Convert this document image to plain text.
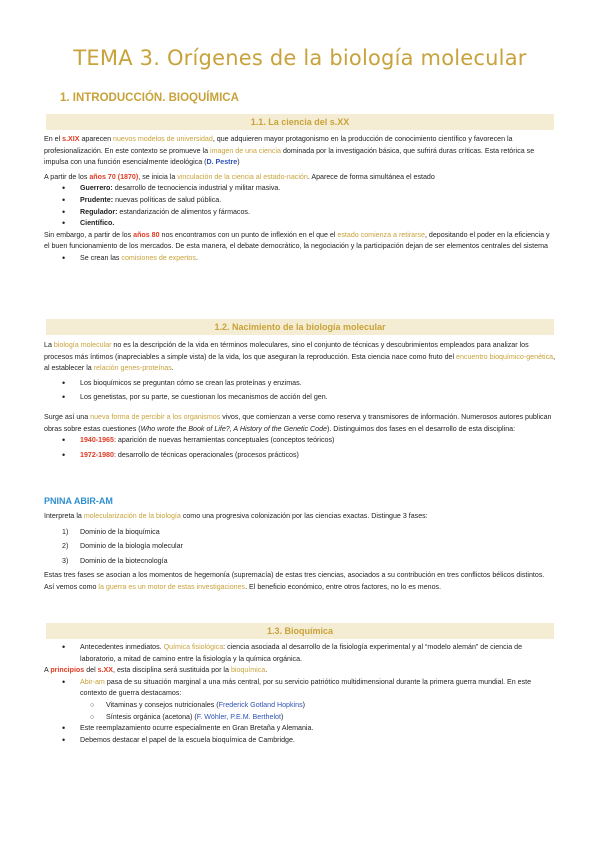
TEMA 3. Orígenes de la biología molecular
1. INTRODUCCIÓN. BIOQUÍMICA
1.1. La ciencia del s.XX

En el s.XIX aparecen nuevos modelos de universidad, que adquieren mayor protagonismo en la producción de conocimiento científico y favorecen la profesionalización. En este contexto se promueve la imagen de una ciencia dominada por la investigación básica, que sufrirá duras críticas. Esta retórica se impulsa con una función esencialmente ideológica (D. Pestre)

A partir de los años 70 (1870), se inicia la vinculación de la ciencia al estado-nación. Aparece de forma simultánea el estado

• Guerrero: desarrollo de tecnociencia industrial y militar masiva.
• Prudente: nuevas políticas de salud pública.
• Regulador: estandarización de alimentos y fármacos.
• Científico.

Sin embargo, a partir de los años 80 nos encontramos con un punto de inflexión en el que el estado comienza a retirarse, depositando el poder en la eficiencia y el buen funcionamiento de los mercados. De esta manera, el debate democrático, la negociación y la participación dejan de ser elementos centrales del sistema

• Se crean las comisiones de expertos.
1.2. Nacimiento de la biología molecular

La biología molecular no es la descripción de la vida en términos moleculares, sino el conjunto de técnicas y descubrimientos empleados para analizar los procesos más íntimos (inapreciables a simple vista) de la vida, los que aseguran la reproducción. Esta ciencia nace como fruto del encuentro bioquímico-genética, al establecer la relación genes-proteínas.

• Los bioquímicos se preguntan cómo se crean las proteínas y enzimas.
• Los genetistas, por su parte, se cuestionan los mecanismos de acción del gen.

Surge así una nueva forma de percibir a los organismos vivos, que comienzan a verse como reserva y transmisores de información. Numerosos autores publican obras sobre estas cuestiones (Who wrote the Book of Life?, A History of the Genetic Code). Distinguimos dos fases en el desarrollo de esta disciplina:

• 1940-1965: aparición de nuevas herramientas conceptuales (conceptos teóricos)
• 1972-1980: desarrollo de técnicas operacionales (procesos prácticos)
PNINA ABIR-AM

Interpreta la molecularización de la biología como una progresiva colonización por las ciencias exactas. Distingue 3 fases:

1) Dominio de la bioquímica
2) Dominio de la biología molecular
3) Dominio de la biotecnología

Estas tres fases se asocian a los momentos de hegemonía (supremacía) de estas tres ciencias, asociados a su contribución en tres conflictos bélicos distintos. Así vemos como la guerra es un motor de estas investigaciones. El beneficio económico, entre otros factores, no lo es menos.

1.3. Bioquímica
• Antecedentes inmediatos. Química fisiológica: ciencia asociada al desarrollo de la fisiología experimental y al “modelo alemán” de ciencia de laboratorio, a mitad de camino entre la fisiología y la química orgánica.

A principios del s.XX, esta disciplina será sustituida por la bioquímica.

• Abir-am pasa de su situación marginal a una más central, por su servicio patriótico multidimensional durante la primera guerra mundial. En este contexto de guerra destacamos:
○ Vitaminas y consejos nutricionales (Frederick Gotland Hopkins)
○ Síntesis orgánica (acetona) (F. Wöhler, P.E.M. Berthelot)
• Este reemplazamiento ocurre especialmente en Gran Bretaña y Alemania.
• Debemos destacar el papel de la escuela bioquímica de Cambridge.
